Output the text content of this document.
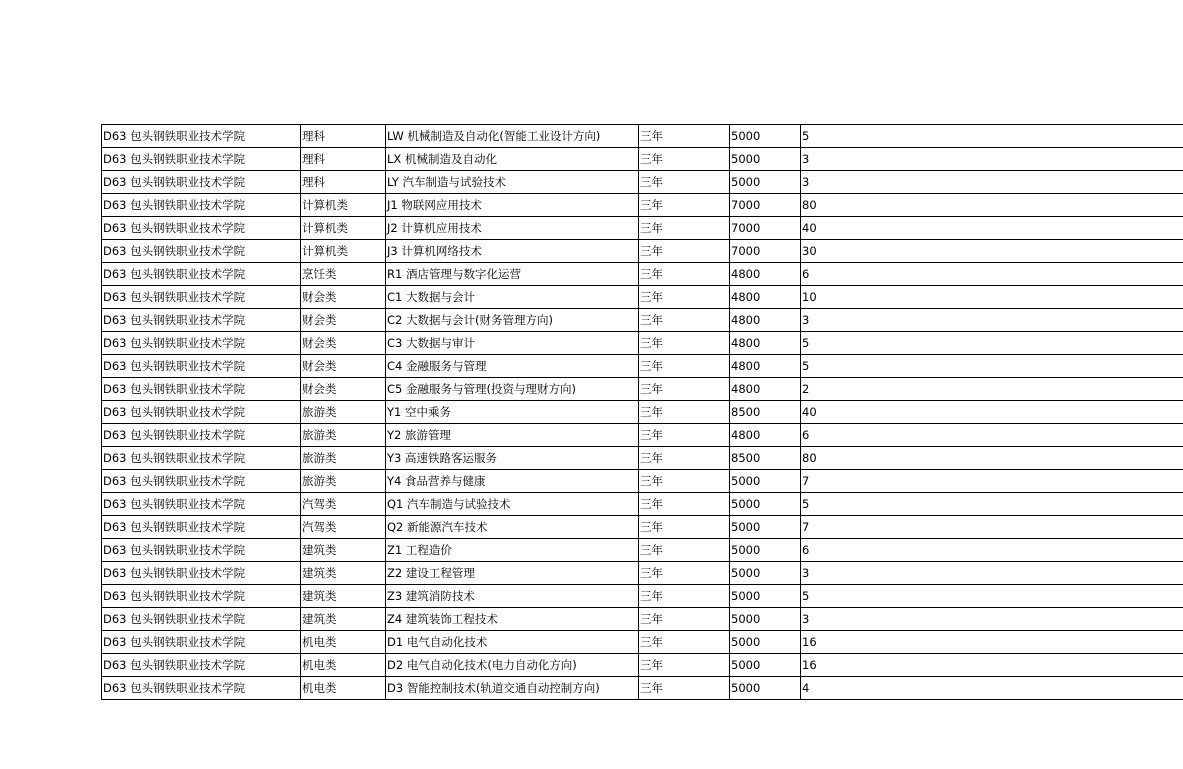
D63 包头钢铁职业技术学院	理科	LW 机械制造及自动化(智能工业设计方向)	三年	5000	5
D63 包头钢铁职业技术学院	理科	LX 机械制造及自动化	三年	5000	3
D63 包头钢铁职业技术学院	理科	LY 汽车制造与试验技术	三年	5000	3
D63 包头钢铁职业技术学院	计算机类	J1 物联网应用技术	三年	7000	80
D63 包头钢铁职业技术学院	计算机类	J2 计算机应用技术	三年	7000	40
D63 包头钢铁职业技术学院	计算机类	J3 计算机网络技术	三年	7000	30
D63 包头钢铁职业技术学院	烹饪类	R1 酒店管理与数字化运营	三年	4800	6
D63 包头钢铁职业技术学院	财会类	C1 大数据与会计	三年	4800	10
D63 包头钢铁职业技术学院	财会类	C2 大数据与会计(财务管理方向)	三年	4800	3
D63 包头钢铁职业技术学院	财会类	C3 大数据与审计	三年	4800	5
D63 包头钢铁职业技术学院	财会类	C4 金融服务与管理	三年	4800	5
D63 包头钢铁职业技术学院	财会类	C5 金融服务与管理(投资与理财方向)	三年	4800	2
D63 包头钢铁职业技术学院	旅游类	Y1 空中乘务	三年	8500	40
D63 包头钢铁职业技术学院	旅游类	Y2 旅游管理	三年	4800	6
D63 包头钢铁职业技术学院	旅游类	Y3 高速铁路客运服务	三年	8500	80
D63 包头钢铁职业技术学院	旅游类	Y4 食品营养与健康	三年	5000	7
D63 包头钢铁职业技术学院	汽驾类	Q1 汽车制造与试验技术	三年	5000	5
D63 包头钢铁职业技术学院	汽驾类	Q2 新能源汽车技术	三年	5000	7
D63 包头钢铁职业技术学院	建筑类	Z1 工程造价	三年	5000	6
D63 包头钢铁职业技术学院	建筑类	Z2 建设工程管理	三年	5000	3
D63 包头钢铁职业技术学院	建筑类	Z3 建筑消防技术	三年	5000	5
D63 包头钢铁职业技术学院	建筑类	Z4 建筑装饰工程技术	三年	5000	3
D63 包头钢铁职业技术学院	机电类	D1 电气自动化技术	三年	5000	16
D63 包头钢铁职业技术学院	机电类	D2 电气自动化技术(电力自动化方向)	三年	5000	16
D63 包头钢铁职业技术学院	机电类	D3 智能控制技术(轨道交通自动控制方向)	三年	5000	4
